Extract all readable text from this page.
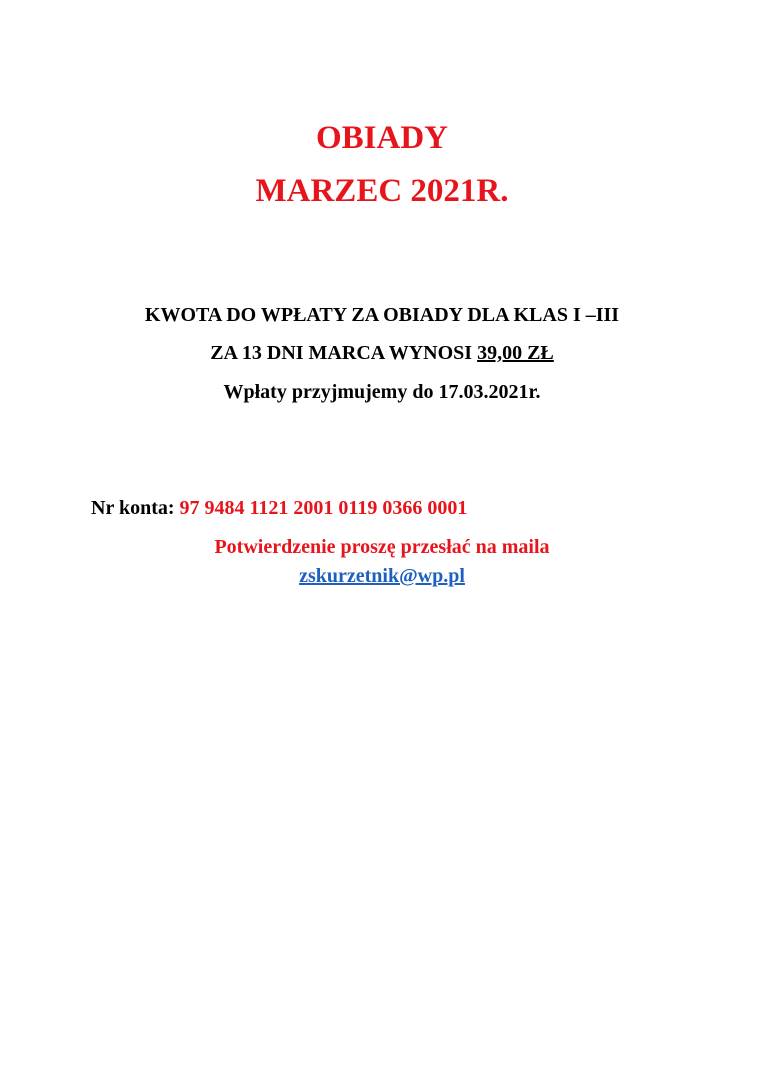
OBIADY
MARZEC 2021R.
KWOTA DO WPŁATY ZA OBIADY DLA KLAS I –III
ZA 13 DNI MARCA WYNOSI 39,00 ZŁ
Wpłaty przyjmujemy do 17.03.2021r.
Nr konta: 97 9484 1121 2001 0119 0366 0001
Potwierdzenie proszę przesłać na maila
zskurzetnik@wp.pl
